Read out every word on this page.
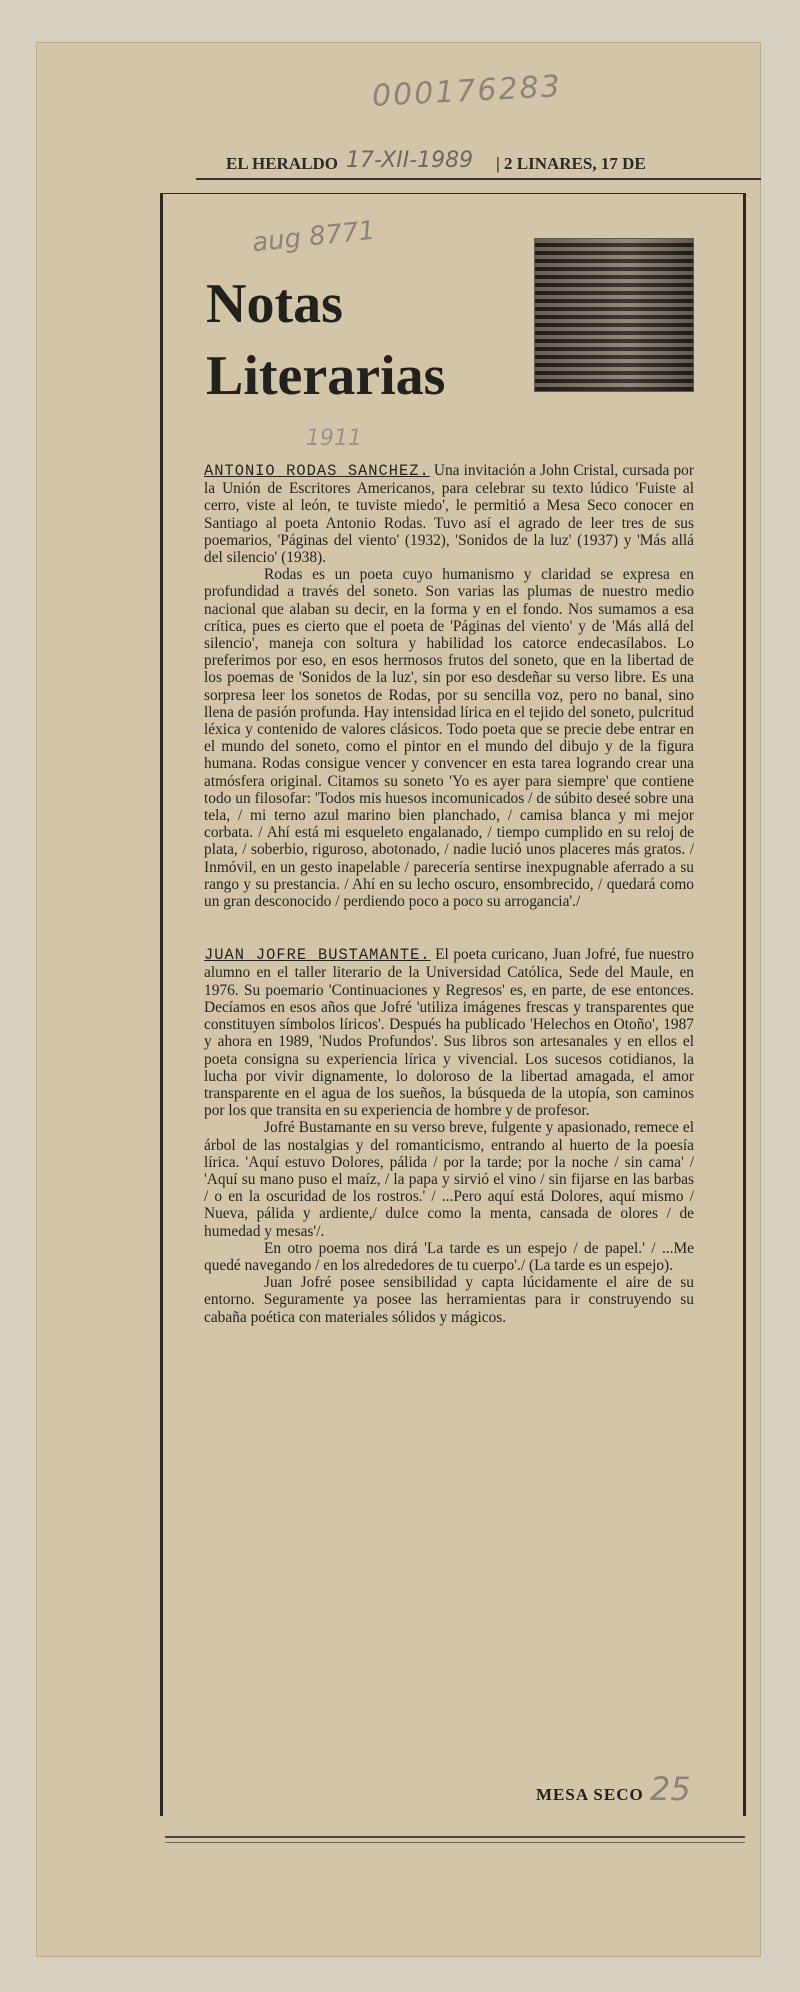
000176283
EL HERALDO 17-XII-1989 | 2 LINARES, 17 DE
aug 8771
Notas
Literarias
1911

ANTONIO RODAS SANCHEZ. Una invitación a John Cristal, cursada por la Unión de Escritores Americanos, para celebrar su texto lúdico 'Fuiste al cerro, viste al león, te tuviste miedo', le permitió a Mesa Seco conocer en Santiago al poeta Antonio Rodas. Tuvo así el agrado de leer tres de sus poemarios, 'Páginas del viento' (1932), 'Sonidos de la luz' (1937) y 'Más allá del silencio' (1938).

Rodas es un poeta cuyo humanismo y claridad se expresa en profundidad a través del soneto. Son varias las plumas de nuestro medio nacional que alaban su decir, en la forma y en el fondo. Nos sumamos a esa crítica, pues es cierto que el poeta de 'Páginas del viento' y de 'Más allá del silencio', maneja con soltura y habilidad los catorce endecasílabos. Lo preferimos por eso, en esos hermosos frutos del soneto, que en la libertad de los poemas de 'Sonidos de la luz', sin por eso desdeñar su verso libre. Es una sorpresa leer los sonetos de Rodas, por su sencilla voz, pero no banal, sino llena de pasión profunda. Hay intensidad lírica en el tejido del soneto, pulcritud léxica y contenido de valores clásicos. Todo poeta que se precie debe entrar en el mundo del soneto, como el pintor en el mundo del dibujo y de la figura humana. Rodas consigue vencer y convencer en esta tarea logrando crear una atmósfera original. Citamos su soneto 'Yo es ayer para siempre' que contiene todo un filosofar: 'Todos mis huesos incomunicados / de súbito deseé sobre una tela, / mi terno azul marino bien planchado, / camisa blanca y mi mejor corbata. / Ahí está mi esqueleto engalanado, / tiempo cumplido en su reloj de plata, / soberbio, riguroso, abotonado, / nadie lució unos placeres más gratos. / Inmóvil, en un gesto inapelable / parecería sentirse inexpugnable aferrado a su rango y su prestancia. / Ahí en su lecho oscuro, ensombrecido, / quedará como un gran desconocido / perdiendo poco a poco su arrogancia'./

JUAN JOFRE BUSTAMANTE. El poeta curicano, Juan Jofré, fue nuestro alumno en el taller literario de la Universidad Católica, Sede del Maule, en 1976. Su poemario 'Continuaciones y Regresos' es, en parte, de ese entonces. Decíamos en esos años que Jofré 'utiliza imágenes frescas y transparentes que constituyen símbolos líricos'. Después ha publicado 'Helechos en Otoño', 1987 y ahora en 1989, 'Nudos Profundos'. Sus libros son artesanales y en ellos el poeta consigna su experiencia lírica y vivencial. Los sucesos cotidianos, la lucha por vivir dignamente, lo doloroso de la libertad amagada, el amor transparente en el agua de los sueños, la búsqueda de la utopía, son caminos por los que transita en su experiencia de hombre y de profesor.

Jofré Bustamante en su verso breve, fulgente y apasionado, remece el árbol de las nostalgias y del romanticismo, entrando al huerto de la poesía lírica. 'Aquí estuvo Dolores, pálida / por la tarde; por la noche / sin cama' / 'Aquí su mano puso el maíz, / la papa y sirvió el vino / sin fijarse en las barbas / o en la oscuridad de los rostros.' / ...Pero aquí está Dolores, aquí mismo / Nueva, pálida y ardiente,/ dulce como la menta, cansada de olores / de humedad y mesas'/.

En otro poema nos dirá 'La tarde es un espejo / de papel.' / ...Me quedé navegando / en los alrededores de tu cuerpo'./ (La tarde es un espejo).

Juan Jofré posee sensibilidad y capta lúcidamente el aire de su entorno. Seguramente ya posee las herramientas para ir construyendo su cabaña poética con materiales sólidos y mágicos.

MESA SECO 25
